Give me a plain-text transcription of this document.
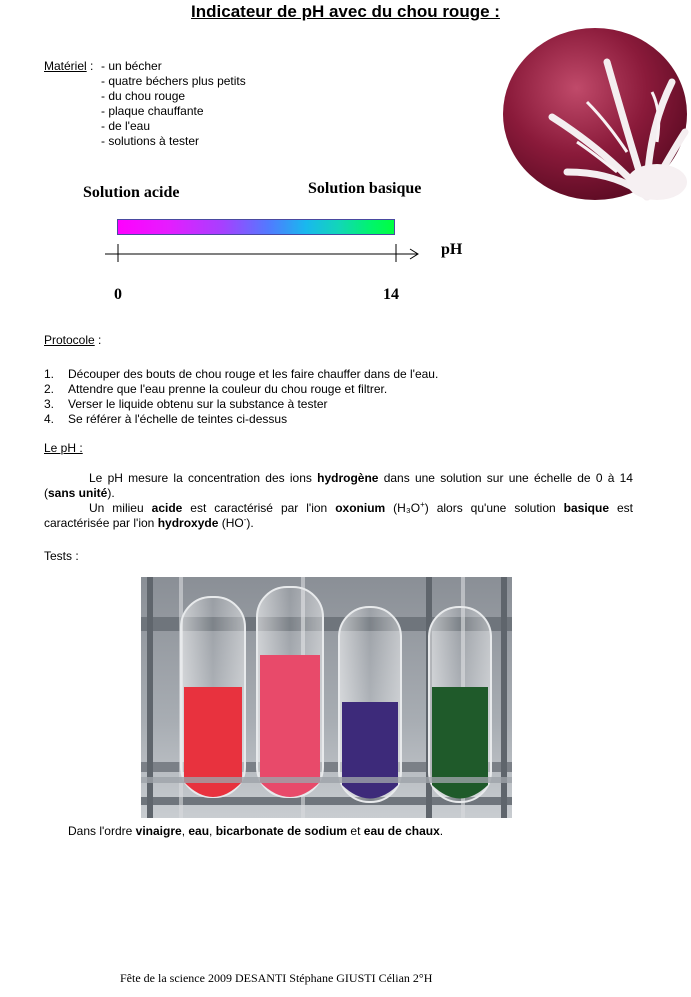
Indicateur de pH avec du chou rouge :
Matériel : - un bécher
- quatre béchers plus petits
- du chou rouge
- plaque chauffante
- de l'eau
- solutions à tester
Solution acide	Solution basique
pH
0	14
Protocole :
1. Découper des bouts de chou rouge et les faire chauffer dans de l'eau.
2. Attendre que l'eau prenne la couleur du chou rouge et filtrer.
3. Verser le liquide obtenu sur la substance à tester
4. Se référer à l'échelle de teintes ci-dessus
Le pH :

Le pH mesure la concentration des ions hydrogène dans une solution sur une échelle de 0 à 14 (sans unité).

Un milieu acide est caractérisé par l'ion oxonium (H₃O+) alors qu'une solution basique est caractérisée par l'ion hydroxyde (HO-).

Tests :
Dans l'ordre vinaigre, eau, bicarbonate de sodium et eau de chaux.
Fête de la science 2009 DESANTI Stéphane GIUSTI Célian 2°H
